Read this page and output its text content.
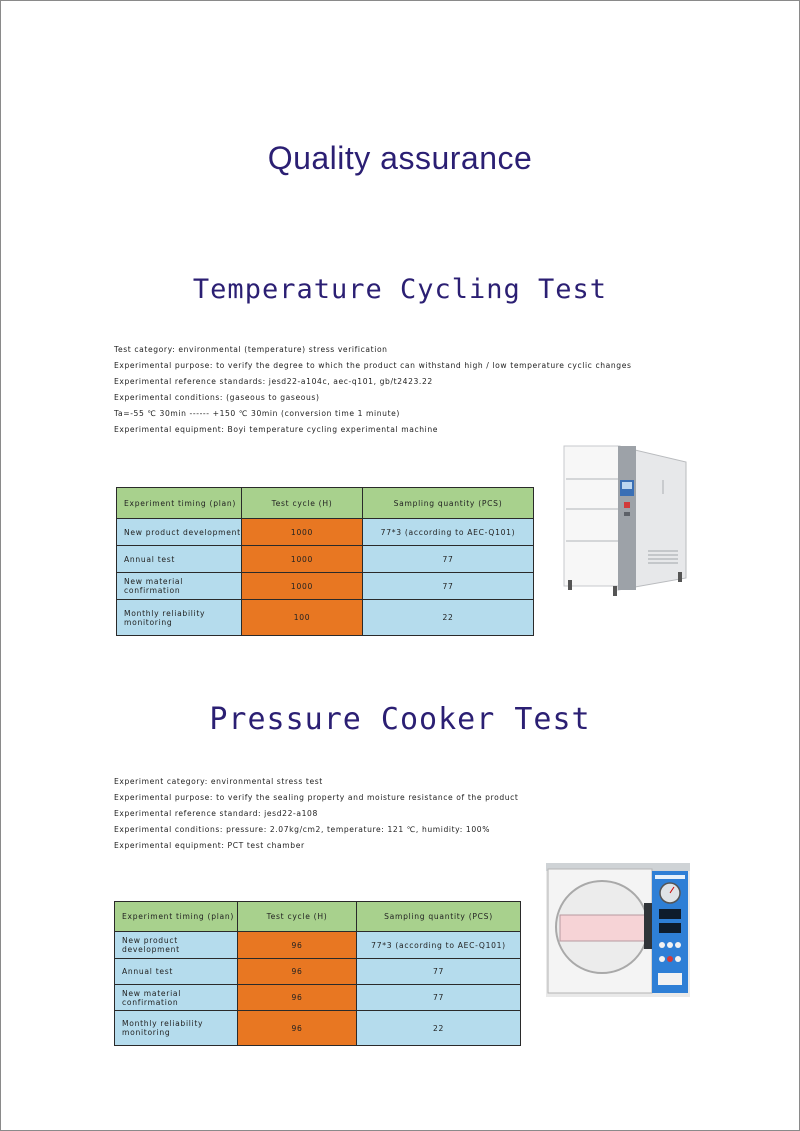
Quality assurance
Temperature Cycling Test
Test category: environmental (temperature) stress verification
Experimental purpose: to verify the degree to which the product can withstand high / low temperature cyclic changes
Experimental reference standards: jesd22-a104c, aec-q101, gb/t2423.22
Experimental conditions: (gaseous to gaseous)
Ta=-55 ℃ 30min ------ +150 ℃ 30min (conversion time 1 minute)
Experimental equipment: Boyi temperature cycling experimental machine
Experiment timing (plan)	Test cycle (H)	Sampling quantity (PCS)
New product development	1000	77*3 (according to AEC-Q101)
Annual test	1000	77
New material confirmation	1000	77
Monthly reliability monitoring	100	22
Pressure Cooker Test
Experiment category: environmental stress test
Experimental purpose: to verify the sealing property and moisture resistance of the product
Experimental reference standard: jesd22-a108
Experimental conditions: pressure: 2.07kg/cm2, temperature: 121 ℃, humidity: 100%
Experimental equipment: PCT test chamber
Experiment timing (plan)	Test cycle (H)	Sampling quantity (PCS)
New product development	96	77*3 (according to AEC-Q101)
Annual test	96	77
New material confirmation	96	77
Monthly reliability monitoring	96	22
